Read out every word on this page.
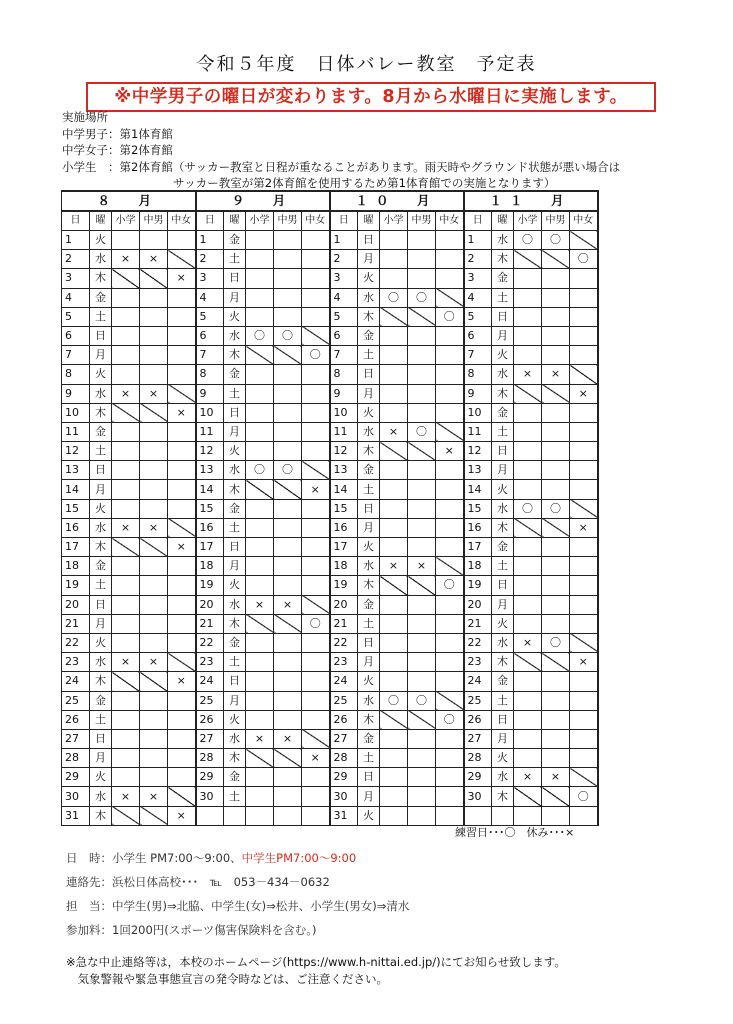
令和５年度　日体バレー教室　予定表
※中学男子の曜日が変わります。8月から水曜日に実施します。
実施場所
中学男子：第1体育館
中学女子：第2体育館
小学生　：第2体育館（サッカー教室と日程が重なることがあります。雨天時やグラウンド状態が悪い場合は
サッカー教室が第2体育館を使用するため第1体育館での実施となります）
８　月					９　月					１０　月					１１　月				
日	曜	小学	中男	中女	日	曜	小学	中男	中女	日	曜	小学	中男	中女	日	曜	小学	中男	中女
1	火				1	金				1	日				1	水	〇	〇	
2	水	×	×		2	土				2	月				2	木			〇
3	木			×	3	日				3	火				3	金			
4	金				4	月				4	水	〇	〇		4	土			
5	土				5	火				5	木			〇	5	日			
6	日				6	水	〇	〇		6	金				6	月			
7	月				7	木			〇	7	土				7	火			
8	火				8	金				8	日				8	水	×	×	
9	水	×	×		9	土				9	月				9	木			×
10	木			×	10	日				10	火				10	金			
11	金				11	月				11	水	×	〇		11	土			
12	土				12	火				12	木			×	12	日			
13	日				13	水	〇	〇		13	金				13	月			
14	月				14	木			×	14	土				14	火			
15	火				15	金				15	日				15	水	〇	〇	
16	水	×	×		16	土				16	月				16	木			×
17	木			×	17	日				17	火				17	金			
18	金				18	月				18	水	×	×		18	土			
19	土				19	火				19	木			〇	19	日			
20	日				20	水	×	×		20	金				20	月			
21	月				21	木			〇	21	土				21	火			
22	火				22	金				22	日				22	水	×	〇	
23	水	×	×		23	土				23	月				23	木			×
24	木			×	24	日				24	火				24	金			
25	金				25	月				25	水	〇	〇		25	土			
26	土				26	火				26	木			〇	26	日			
27	日				27	水	×	×		27	金				27	月			
28	月				28	木			×	28	土				28	火			
29	火				29	金				29	日				29	水	×	×	
30	水	×	×		30	土				30	月				30	木			〇
31	木			×						31	火								
練習日･･･〇　休み･･･×
日　時：小学生 PM7:00～9:00、中学生PM7:00～9:00
連絡先：浜松日体高校･･･　℡　053－434－0632
担　当：中学生(男)⇒北脇、中学生(女)⇒松井、小学生(男女)⇒清水
参加料：1回200円(スポーツ傷害保険料を含む。)
※急な中止連絡等は，本校のホームページ(https://www.h-nittai.ed.jp/)にてお知らせ致します。
　気象警報や緊急事態宣言の発令時などは、ご注意ください。
